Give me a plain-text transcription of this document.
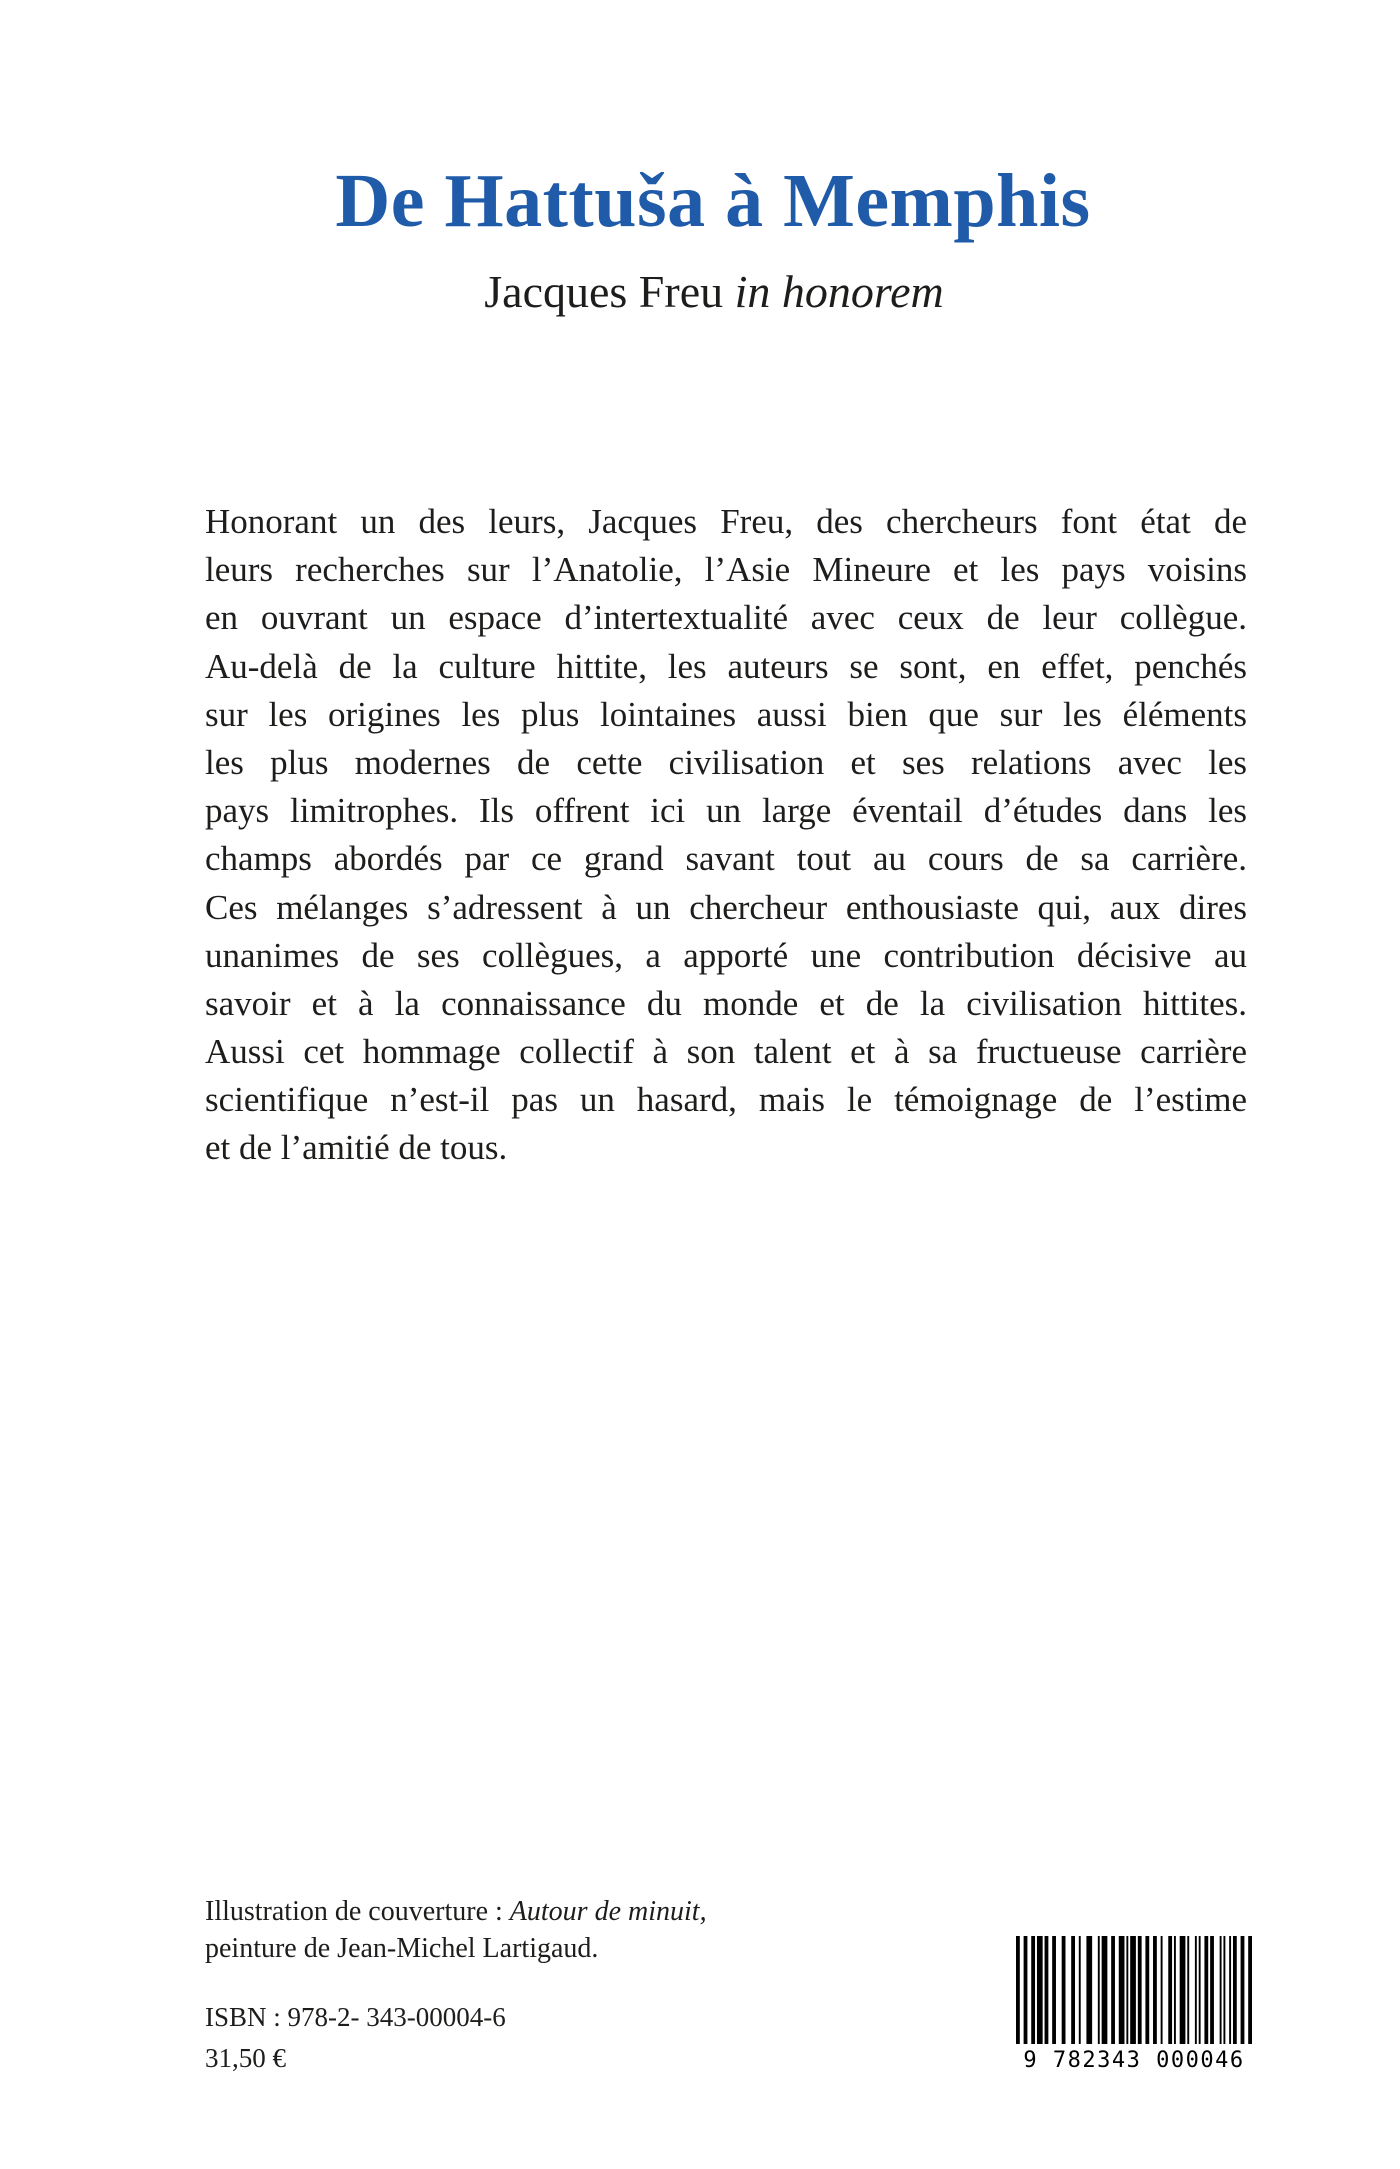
De Hattuša à Memphis
Jacques Freu in honorem
Honorant un des leurs, Jacques Freu, des chercheurs font état de
leurs recherches sur l’Anatolie, l’Asie Mineure et les pays voisins
en ouvrant un espace d’intertextualité avec ceux de leur collègue.
Au-delà de la culture hittite, les auteurs se sont, en effet, penchés
sur les origines les plus lointaines aussi bien que sur les éléments
les plus modernes de cette civilisation et ses relations avec les
pays limitrophes. Ils offrent ici un large éventail d’études dans les
champs abordés par ce grand savant tout au cours de sa carrière.
Ces mélanges s’adressent à un chercheur enthousiaste qui, aux dires
unanimes de ses collègues, a apporté une contribution décisive au
savoir et à la connaissance du monde et de la civilisation hittites.
Aussi cet hommage collectif à son talent et à sa fructueuse carrière
scientifique n’est-il pas un hasard, mais le témoignage de l’estime
et de l’amitié de tous.
Illustration de couverture : Autour de minuit,
peinture de Jean-Michel Lartigaud.
ISBN : 978-2- 343-00004-6
31,50 €	9 782343 000046
